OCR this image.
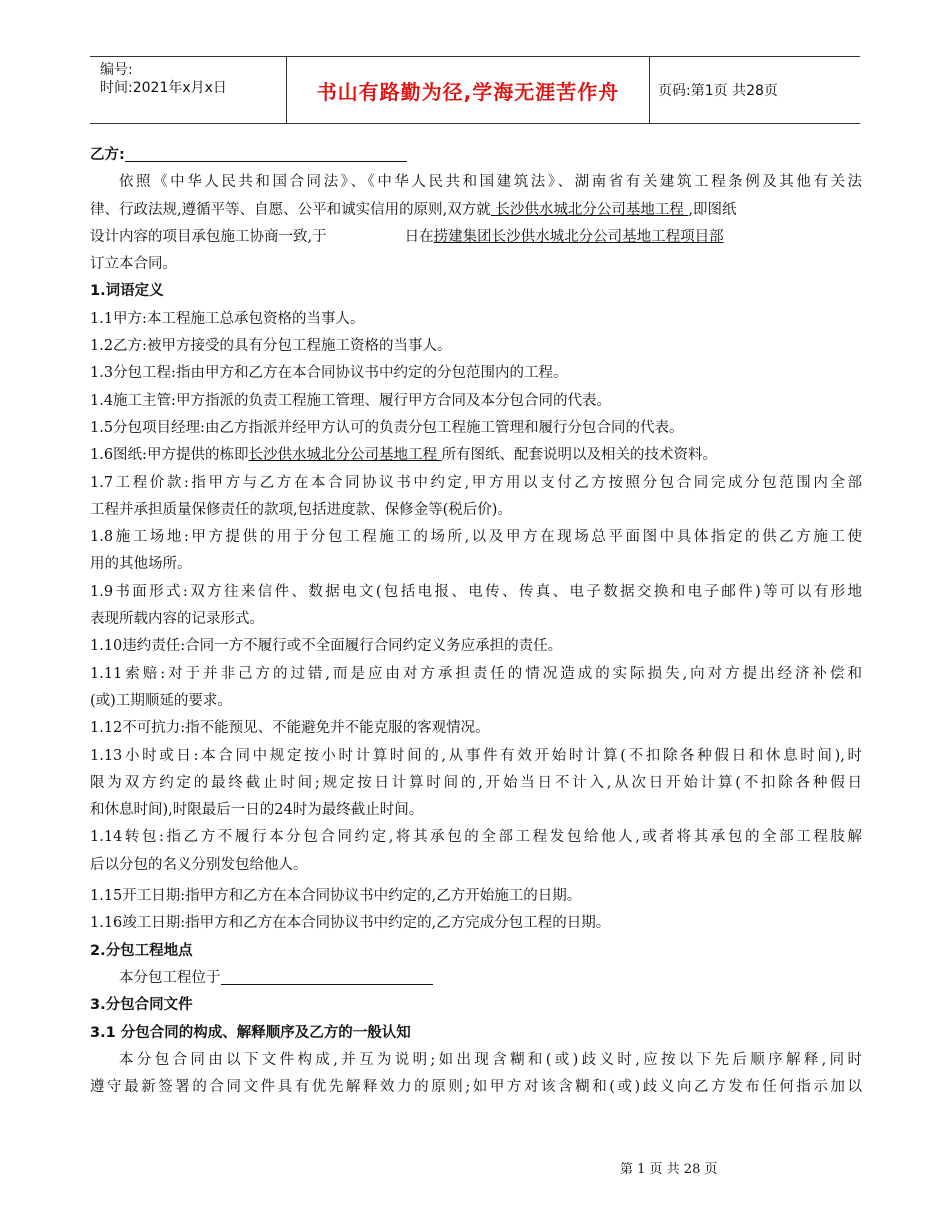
编号:
时间:2021年x月x日	书山有路勤为径,学海无涯苦作舟	页码:第1页 共28页
乙方:
依照《中华人民共和国合同法》、《中华人民共和国建筑法》、湖南省有关建筑工程条例及其他有关法
律、行政法规,遵循平等、自愿、公平和诚实信用的原则,双方就 长沙供水城北分公司基地工程 ,即图纸
设计内容的项目承包施工协商一致,于	日在捞建集团长沙供水城北分公司基地工程项目部
订立本合同。
1.词语定义
1.1甲方:本工程施工总承包资格的当事人。
1.2乙方:被甲方接受的具有分包工程施工资格的当事人。
1.3分包工程:指由甲方和乙方在本合同协议书中约定的分包范围内的工程。
1.4施工主管:甲方指派的负责工程施工管理、履行甲方合同及本分包合同的代表。
1.5分包项目经理:由乙方指派并经甲方认可的负责分包工程施工管理和履行分包合同的代表。
1.6图纸:甲方提供的栋即长沙供水城北分公司基地工程 所有图纸、配套说明以及相关的技术资料。
1.7工程价款:指甲方与乙方在本合同协议书中约定,甲方用以支付乙方按照分包合同完成分包范围内全部
工程并承担质量保修责任的款项,包括进度款、保修金等(税后价)。
1.8施工场地:甲方提供的用于分包工程施工的场所,以及甲方在现场总平面图中具体指定的供乙方施工使
用的其他场所。
1.9书面形式:双方往来信件、数据电文(包括电报、电传、传真、电子数据交换和电子邮件)等可以有形地
表现所载内容的记录形式。
1.10违约责任:合同一方不履行或不全面履行合同约定义务应承担的责任。
1.11索赔:对于并非己方的过错,而是应由对方承担责任的情况造成的实际损失,向对方提出经济补偿和
(或)工期顺延的要求。
1.12不可抗力:指不能预见、不能避免并不能克服的客观情况。
1.13小时或日:本合同中规定按小时计算时间的,从事件有效开始时计算(不扣除各种假日和休息时间),时
限为双方约定的最终截止时间;规定按日计算时间的,开始当日不计入,从次日开始计算(不扣除各种假日
和休息时间),时限最后一日的24时为最终截止时间。
1.14转包:指乙方不履行本分包合同约定,将其承包的全部工程发包给他人,或者将其承包的全部工程肢解
后以分包的名义分别发包给他人。
1.15开工日期:指甲方和乙方在本合同协议书中约定的,乙方开始施工的日期。
1.16竣工日期:指甲方和乙方在本合同协议书中约定的,乙方完成分包工程的日期。
2.分包工程地点
本分包工程位于
3.分包合同文件
3.1 分包合同的构成、解释顺序及乙方的一般认知
本分包合同由以下文件构成,并互为说明;如出现含糊和(或)歧义时,应按以下先后顺序解释,同时
遵守最新签署的合同文件具有优先解释效力的原则;如甲方对该含糊和(或)歧义向乙方发布任何指示加以
第 1 页 共 28 页
